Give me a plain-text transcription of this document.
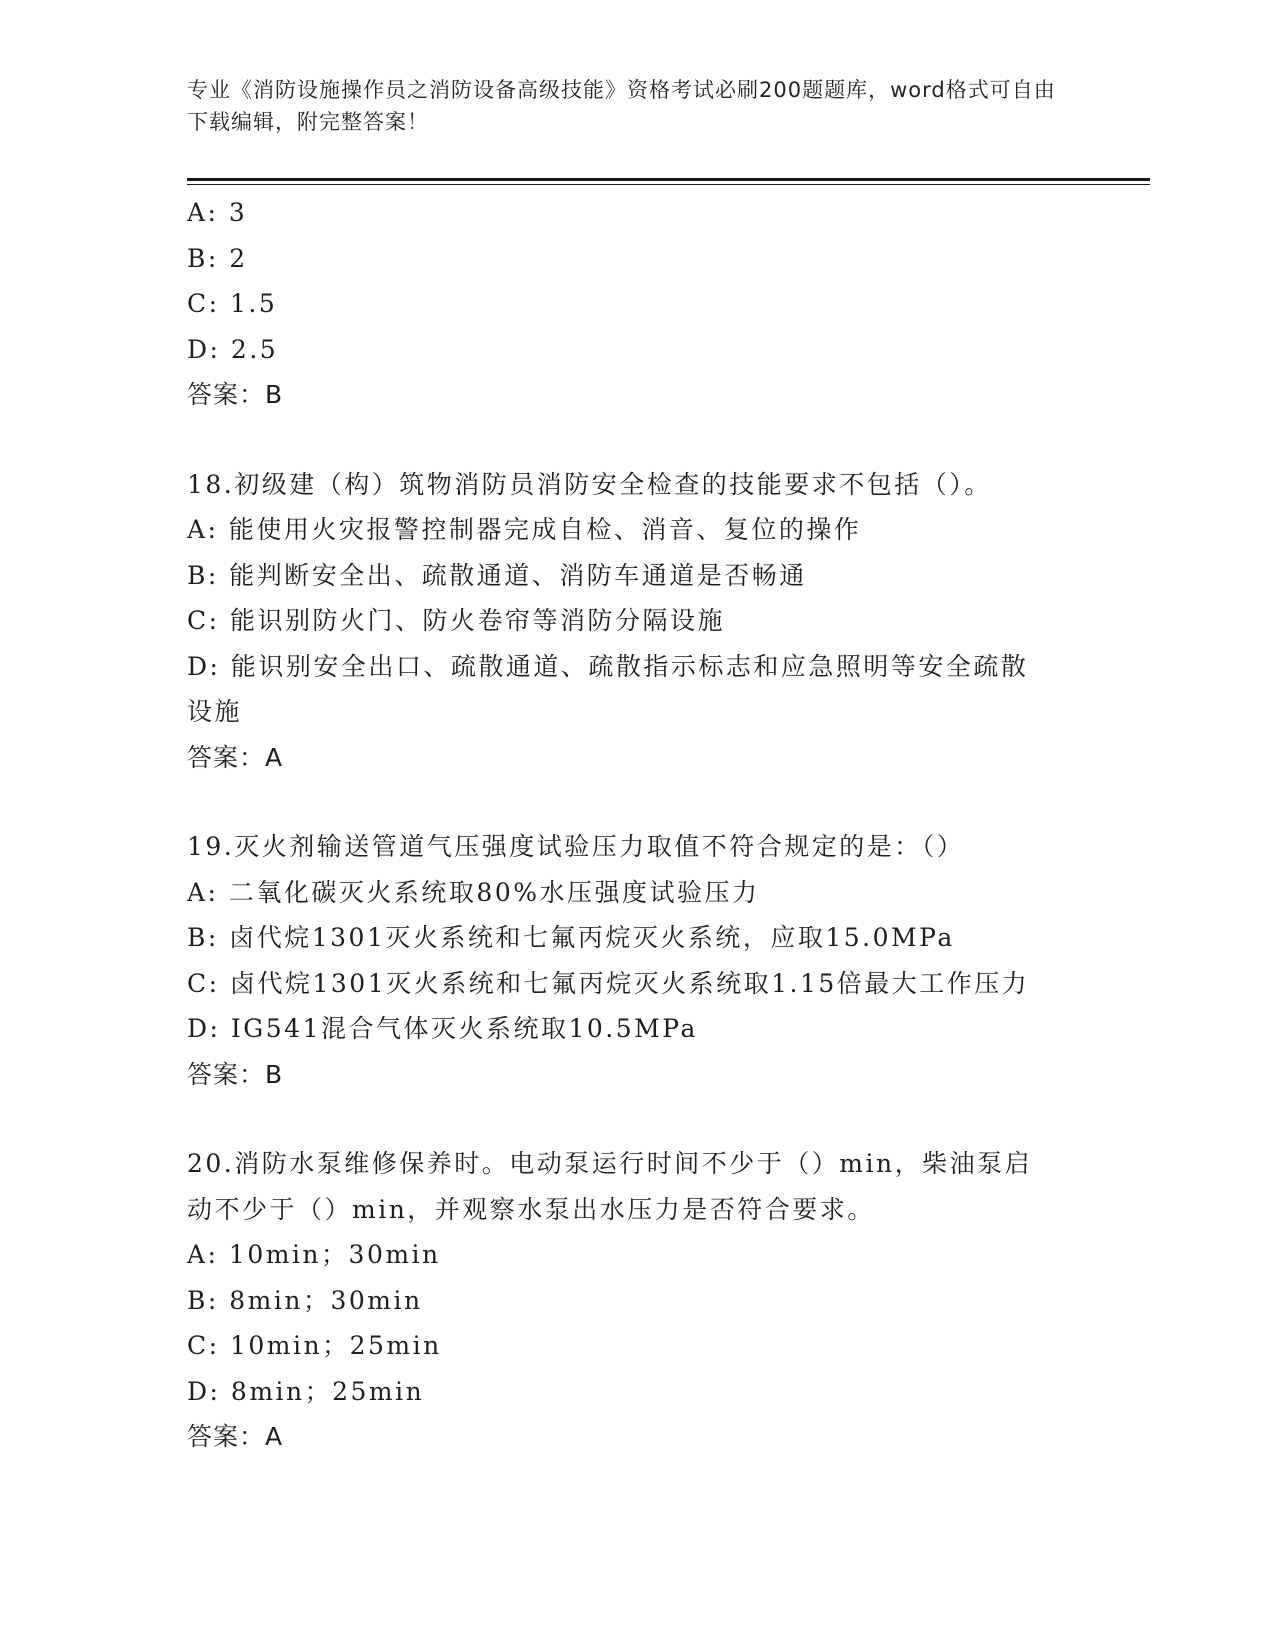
专业《消防设施操作员之消防设备高级技能》资格考试必刷200题题库，word格式可自由下载编辑，附完整答案！
A: 3
B: 2
C: 1.5
D: 2.5
答案：B
18.初级建（构）筑物消防员消防安全检查的技能要求不包括（）。
A: 能使用火灾报警控制器完成自检、消音、复位的操作
B: 能判断安全出、疏散通道、消防车通道是否畅通
C: 能识别防火门、防火卷帘等消防分隔设施
D: 能识别安全出口、疏散通道、疏散指示标志和应急照明等安全疏散设施
答案：A
19.灭火剂输送管道气压强度试验压力取值不符合规定的是：（）
A: 二氧化碳灭火系统取80%水压强度试验压力
B: 卤代烷1301灭火系统和七氟丙烷灭火系统，应取15.0MPa
C: 卤代烷1301灭火系统和七氟丙烷灭火系统取1.15倍最大工作压力
D: IG541混合气体灭火系统取10.5MPa
答案：B
20.消防水泵维修保养时。电动泵运行时间不少于（）min，柴油泵启动不少于（）min，并观察水泵出水压力是否符合要求。
A: 10min；30min
B: 8min；30min
C: 10min；25min
D: 8min；25min
答案：A
